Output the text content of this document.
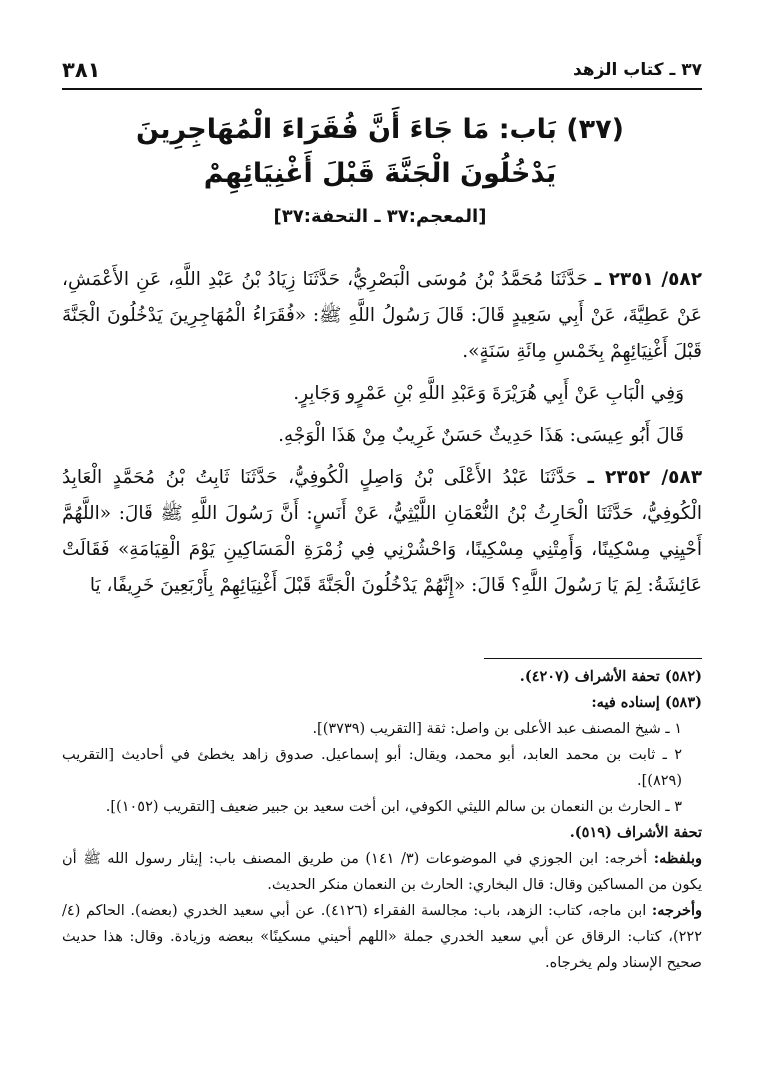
٣٧ ـ كتاب الزهد
٣٨١
(٣٧) بَاب: مَا جَاءَ أَنَّ فُقَرَاءَ الْمُهَاجِرِينَ
يَدْخُلُونَ الْجَنَّةَ قَبْلَ أَغْنِيَائِهِمْ
[المعجم:٣٧ ـ التحفة:٣٧]

٥٨٢/ ٢٣٥١ ـ حَدَّثَنَا مُحَمَّدُ بْنُ مُوسَى الْبَصْرِيُّ، حَدَّثَنَا زِيَادُ بْنُ عَبْدِ اللَّهِ، عَنِ الأَعْمَشِ، عَنْ عَطِيَّةَ، عَنْ أَبِي سَعِيدٍ قَالَ: قَالَ رَسُولُ اللَّهِ ﷺ: «فُقَرَاءُ الْمُهَاجِرِينَ يَدْخُلُونَ الْجَنَّةَ قَبْلَ أَغْنِيَائِهِمْ بِخَمْسِ مِائَةِ سَنَةٍ».

وَفِي الْبَابِ عَنْ أَبِي هُرَيْرَةَ وَعَبْدِ اللَّهِ بْنِ عَمْرٍو وَجَابِرٍ.

قَالَ أَبُو عِيسَى: هَذَا حَدِيثٌ حَسَنٌ غَرِيبٌ مِنْ هَذَا الْوَجْهِ.

٥٨٣/ ٢٣٥٢ ـ حَدَّثَنَا عَبْدُ الأَعْلَى بْنُ وَاصِلٍ الْكُوفِيُّ، حَدَّثَنَا ثَابِتُ بْنُ مُحَمَّدٍ الْعَابِدُ الْكُوفِيُّ، حَدَّثَنَا الْحَارِثُ بْنُ النُّعْمَانِ اللَّيْثِيُّ، عَنْ أَنَسٍ: أَنَّ رَسُولَ اللَّهِ ﷺ قَالَ: «اللَّهُمَّ أَحْيِنِي مِسْكِينًا، وَأَمِتْنِي مِسْكِينًا، وَاحْشُرْنِي فِي زُمْرَةِ الْمَسَاكِينِ يَوْمَ الْقِيَامَةِ» فَقَالَتْ عَائِشَةُ: لِمَ يَا رَسُولَ اللَّهِ؟ قَالَ: «إِنَّهُمْ يَدْخُلُونَ الْجَنَّةَ قَبْلَ أَغْنِيَائِهِمْ بِأَرْبَعِينَ خَرِيفًا، يَا

(٥٨٢) تحفة الأشراف (٤٢٠٧).

(٥٨٣) إسناده فيه:

١ ـ شيخ المصنف عبد الأعلى بن واصل: ثقة [التقريب (٣٧٣٩)].

٢ ـ ثابت بن محمد العابد، أبو محمد، ويقال: أبو إسماعيل. صدوق زاهد يخطئ في أحاديث [التقريب (٨٢٩)].

٣ ـ الحارث بن النعمان بن سالم الليثي الكوفي، ابن أخت سعيد بن جبير ضعيف [التقريب (١٠٥٢)].

تحفة الأشراف (٥١٩).

وبلفظه: أخرجه: ابن الجوزي في الموضوعات (٣/ ١٤١) من طريق المصنف باب: إيثار رسول الله ﷺ أن يكون من المساكين وقال: قال البخاري: الحارث بن النعمان منكر الحديث.

وأخرجه: ابن ماجه، كتاب: الزهد، باب: مجالسة الفقراء (٤١٢٦). عن أبي سعيد الخدري (بعضه). الحاكم (٤/ ٢٢٢)، كتاب: الرقاق عن أبي سعيد الخدري جملة «اللهم أحيني مسكينًا» ببعضه وزيادة. وقال: هذا حديث صحيح الإسناد ولم يخرجاه.
